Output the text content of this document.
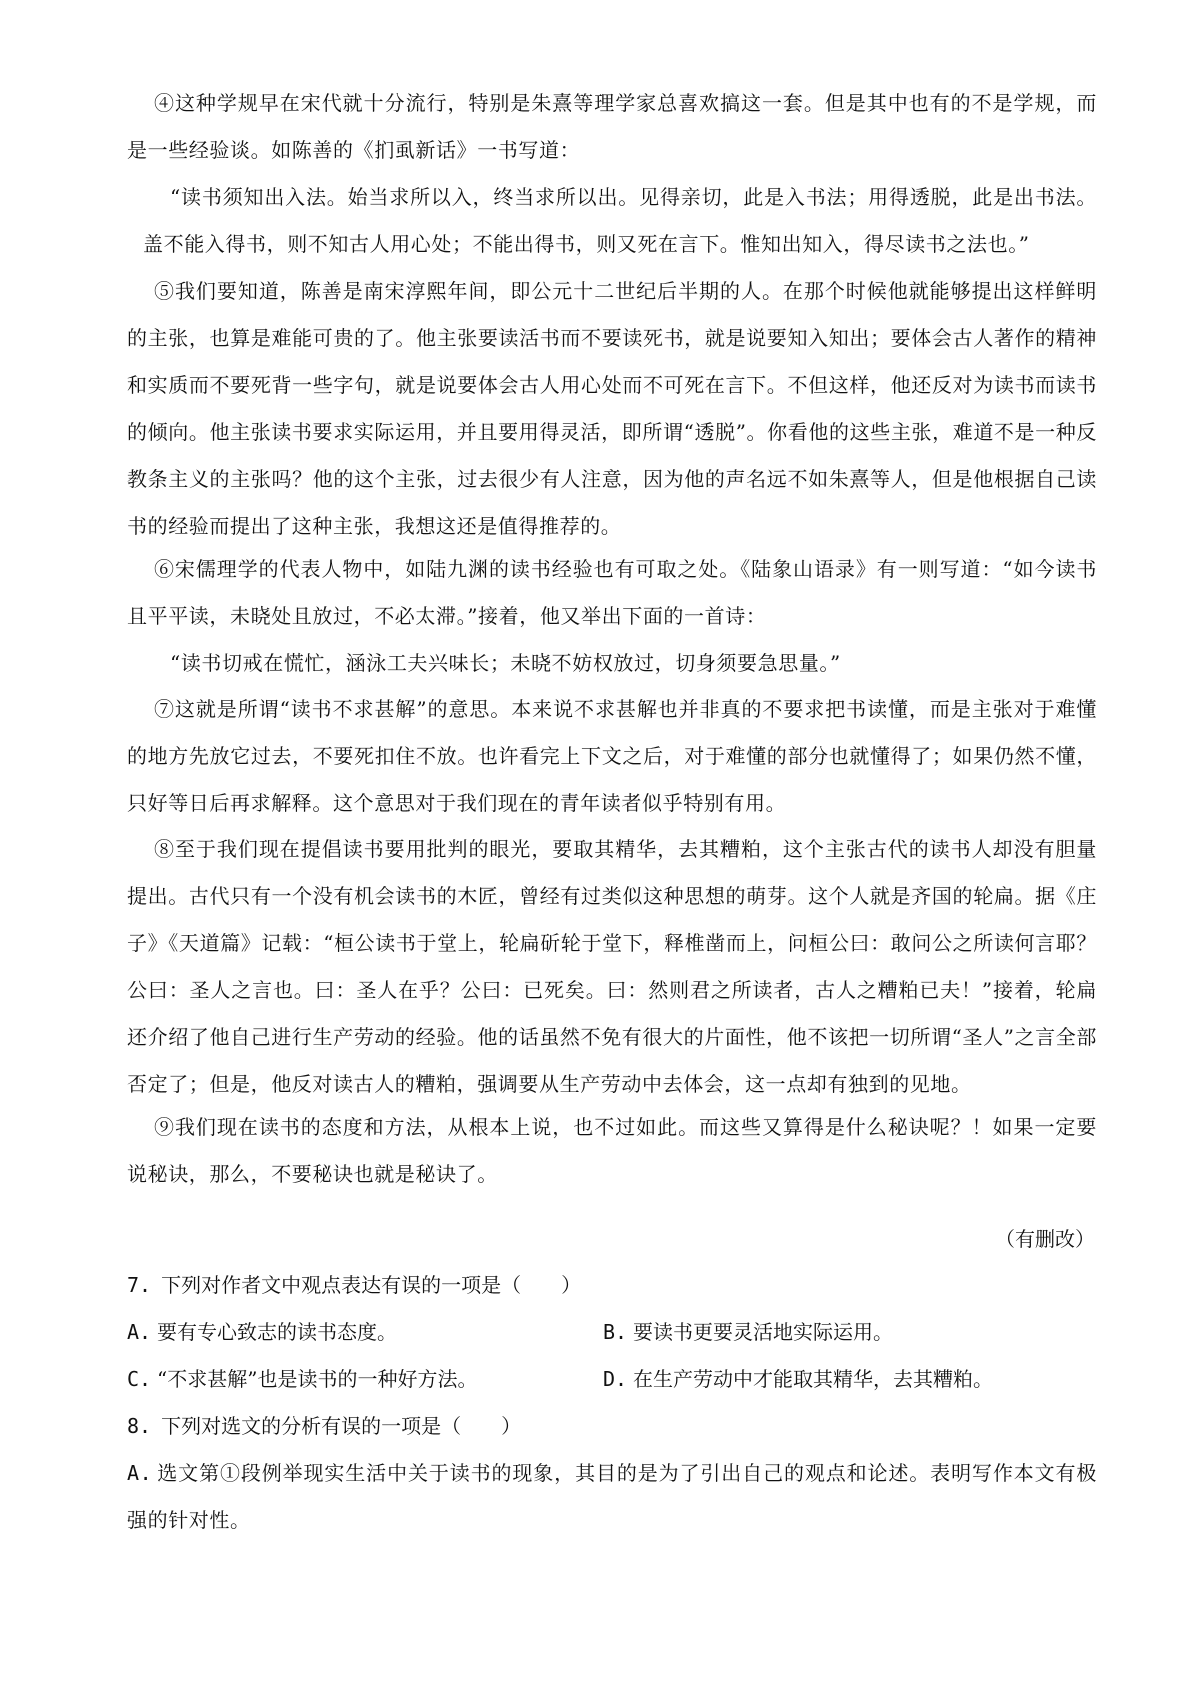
④这种学规早在宋代就十分流行，特别是朱熹等理学家总喜欢搞这一套。但是其中也有的不是学规，而是一些经验谈。如陈善的《扪虱新话》一书写道：

“读书须知出入法。始当求所以入，终当求所以出。见得亲切，此是入书法；用得透脱，此是出书法。盖不能入得书，则不知古人用心处；不能出得书，则又死在言下。惟知出知入，得尽读书之法也。”

⑤我们要知道，陈善是南宋淳熙年间，即公元十二世纪后半期的人。在那个时候他就能够提出这样鲜明的主张，也算是难能可贵的了。他主张要读活书而不要读死书，就是说要知入知出；要体会古人著作的精神和实质而不要死背一些字句，就是说要体会古人用心处而不可死在言下。不但这样，他还反对为读书而读书的倾向。他主张读书要求实际运用，并且要用得灵活，即所谓“透脱”。你看他的这些主张，难道不是一种反教条主义的主张吗？他的这个主张，过去很少有人注意，因为他的声名远不如朱熹等人，但是他根据自己读书的经验而提出了这种主张，我想这还是值得推荐的。

⑥宋儒理学的代表人物中，如陆九渊的读书经验也有可取之处。《陆象山语录》有一则写道：“如今读书且平平读，未晓处且放过，不必太滞。”接着，他又举出下面的一首诗：

“读书切戒在慌忙，涵泳工夫兴味长；未晓不妨权放过，切身须要急思量。”

⑦这就是所谓“读书不求甚解”的意思。本来说不求甚解也并非真的不要求把书读懂，而是主张对于难懂的地方先放它过去，不要死扣住不放。也许看完上下文之后，对于难懂的部分也就懂得了；如果仍然不懂，只好等日后再求解释。这个意思对于我们现在的青年读者似乎特别有用。

⑧至于我们现在提倡读书要用批判的眼光，要取其精华，去其糟粕，这个主张古代的读书人却没有胆量提出。古代只有一个没有机会读书的木匠，曾经有过类似这种思想的萌芽。这个人就是齐国的轮扁。据《庄子》《天道篇》记载：“桓公读书于堂上，轮扁斫轮于堂下，释椎凿而上，问桓公曰：敢问公之所读何言耶？公曰：圣人之言也。曰：圣人在乎？公曰：已死矣。曰：然则君之所读者，古人之糟粕已夫！”接着，轮扁还介绍了他自己进行生产劳动的经验。他的话虽然不免有很大的片面性，他不该把一切所谓“圣人”之言全部否定了；但是，他反对读古人的糟粕，强调要从生产劳动中去体会，这一点却有独到的见地。

⑨我们现在读书的态度和方法，从根本上说，也不过如此。而这些又算得是什么秘诀呢？！如果一定要说秘诀，那么，不要秘诀也就是秘诀了。

（有删改）
7. 下列对作者文中观点表达有误的一项是（　　）
A. 要有专心致志的读书态度。	B. 要读书更要灵活地实际运用。
C. “不求甚解”也是读书的一种好方法。	D. 在生产劳动中才能取其精华，去其糟粕。
8. 下列对选文的分析有误的一项是（　　）
A. 选文第①段例举现实生活中关于读书的现象，其目的是为了引出自己的观点和论述。表明写作本文有极强的针对性。
